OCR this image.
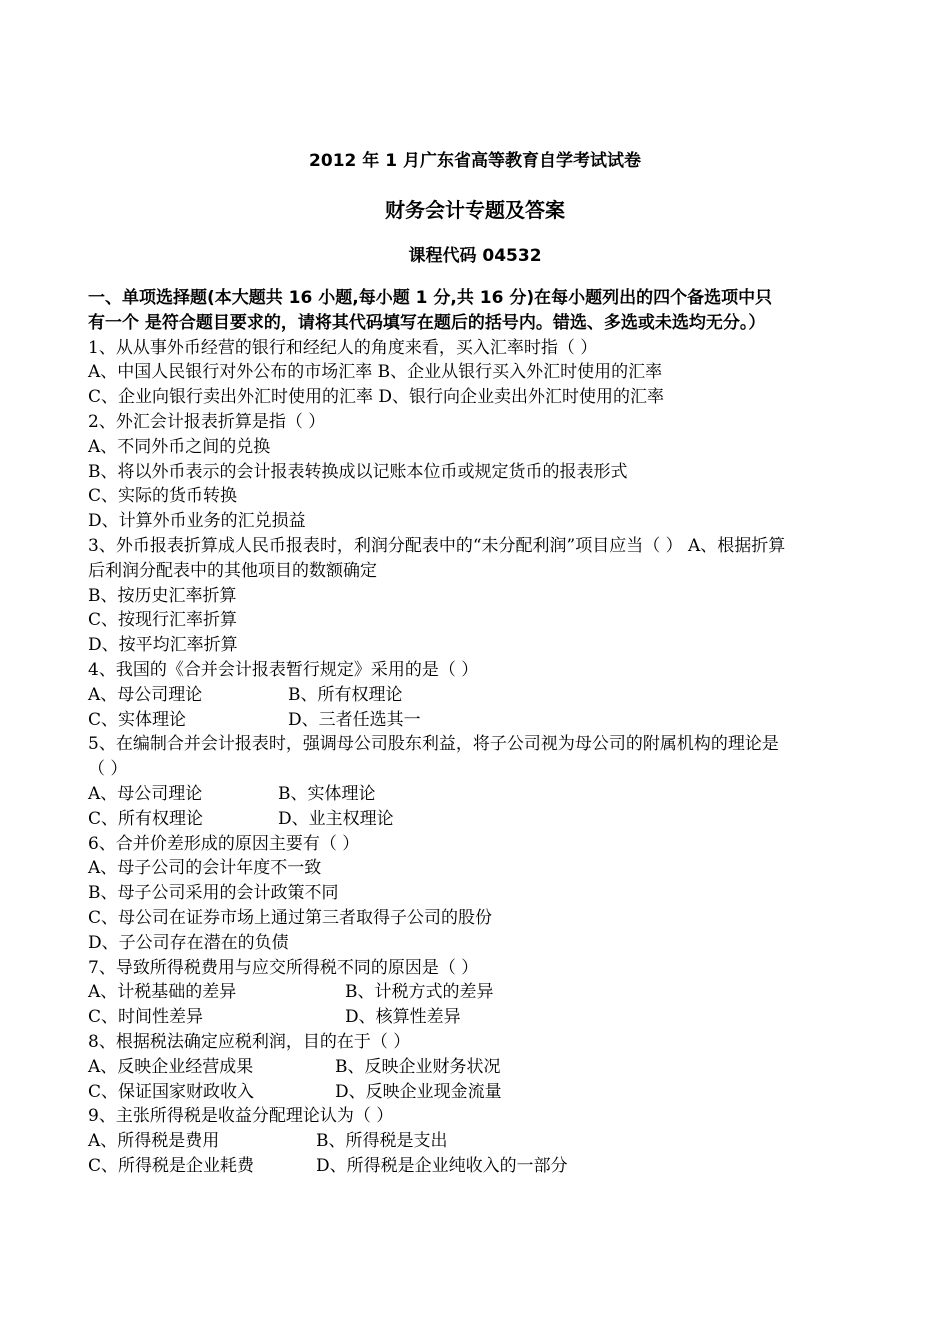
2012 年 1 月广东省高等教育自学考试试卷
财务会计专题及答案
课程代码 04532
一、单项选择题(本大题共 16 小题,每小题 1 分,共 16 分)在每小题列出的四个备选项中只
有一个 是符合题目要求的，请将其代码填写在题后的括号内。错选、多选或未选均无分。）
1、从从事外币经营的银行和经纪人的角度来看，买入汇率时指（ ）
A、中国人民银行对外公布的市场汇率 B、企业从银行买入外汇时使用的汇率
C、企业向银行卖出外汇时使用的汇率 D、银行向企业卖出外汇时使用的汇率
2、外汇会计报表折算是指（ ）
A、不同外币之间的兑换
B、将以外币表示的会计报表转换成以记账本位币或规定货币的报表形式
C、实际的货币转换
D、计算外币业务的汇兑损益
3、外币报表折算成人民币报表时，利润分配表中的“未分配利润”项目应当（ ） A、根据折算
后利润分配表中的其他项目的数额确定
B、按历史汇率折算
C、按现行汇率折算
D、按平均汇率折算
4、我国的《合并会计报表暂行规定》采用的是（ ）
A、母公司理论	B、所有权理论
C、实体理论	D、三者任选其一
5、在编制合并会计报表时，强调母公司股东利益，将子公司视为母公司的附属机构的理论是
（ ）
A、母公司理论	B、实体理论
C、所有权理论	D、业主权理论
6、合并价差形成的原因主要有（ ）
A、母子公司的会计年度不一致
B、母子公司采用的会计政策不同
C、母公司在证券市场上通过第三者取得子公司的股份
D、子公司存在潜在的负债
7、导致所得税费用与应交所得税不同的原因是（ ）
A、计税基础的差异	B、计税方式的差异
C、时间性差异	D、核算性差异
8、根据税法确定应税利润，目的在于（ ）
A、反映企业经营成果	B、反映企业财务状况
C、保证国家财政收入	D、反映企业现金流量
9、主张所得税是收益分配理论认为（ ）
A、所得税是费用	B、所得税是支出
C、所得税是企业耗费	D、所得税是企业纯收入的一部分
